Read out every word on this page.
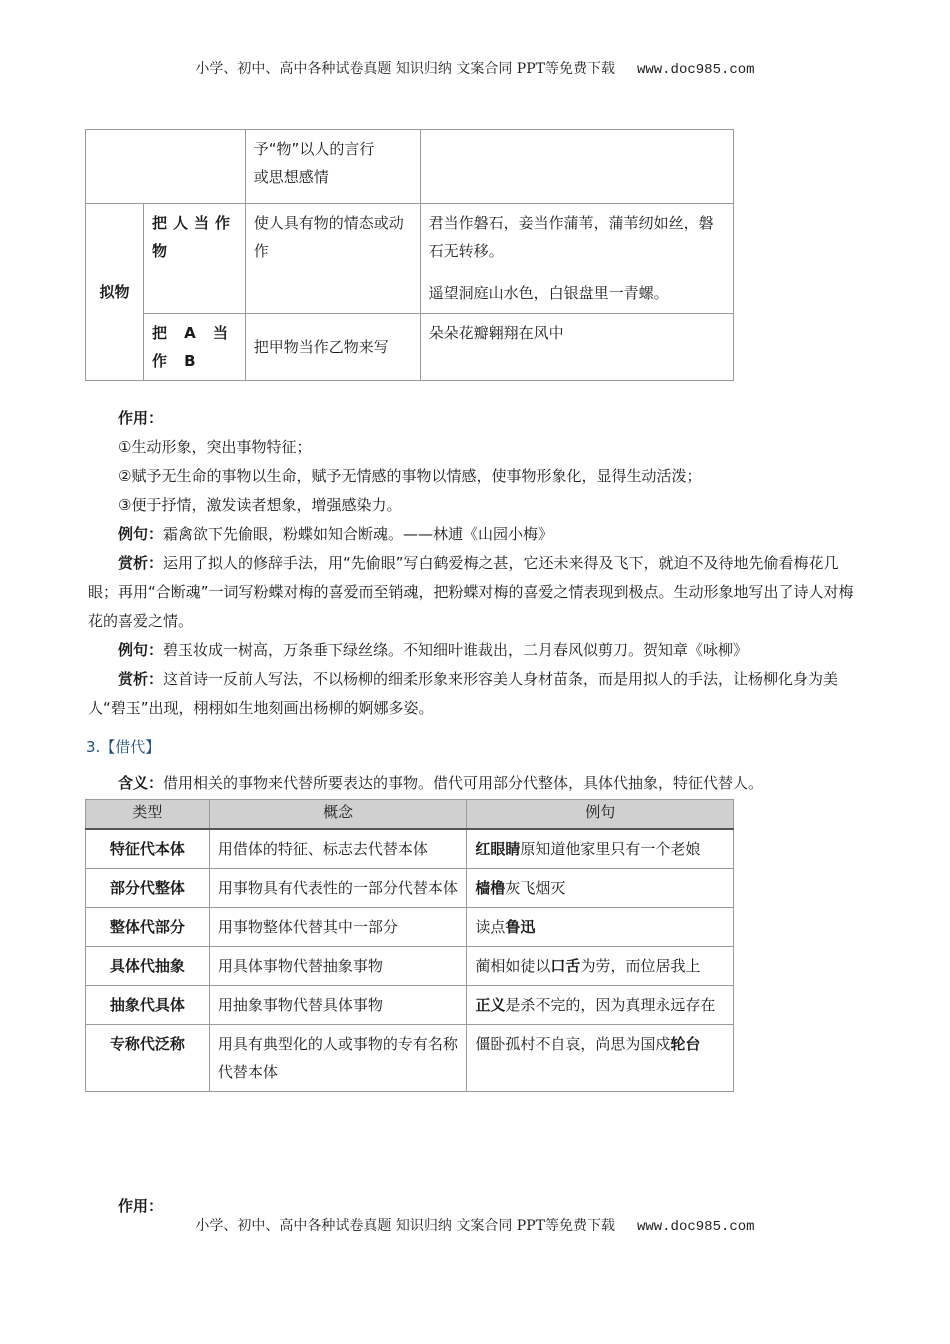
小学、初中、高中各种试卷真题 知识归纳 文案合同 PPT等免费下载 www.doc985.com

		予“物”以人的言行
或思想感情	

拟物	把人当作物	使人具有物的情态或动作	君当作磐石，妾当作蒲苇，蒲苇纫如丝，磐石无转移。
遥望洞庭山水色，白银盘里一青螺。

	把 A 当作 B	把甲物当作乙物来写	朵朵花瓣翱翔在风中

作用：

①生动形象，突出事物特征；

②赋予无生命的事物以生命，赋予无情感的事物以情感，使事物形象化，显得生动活泼；

③便于抒情，激发读者想象，增强感染力。

例句：霜禽欲下先偷眼，粉蝶如知合断魂。——林逋《山园小梅》

赏析：运用了拟人的修辞手法，用“先偷眼”写白鹤爱梅之甚，它还未来得及飞下，就迫不及待地先偷看梅花几眼；再用“合断魂”一词写粉蝶对梅的喜爱而至销魂，把粉蝶对梅的喜爱之情表现到极点。生动形象地写出了诗人对梅花的喜爱之情。

例句：碧玉妆成一树高，万条垂下绿丝绦。不知细叶谁裁出，二月春风似剪刀。贺知章《咏柳》

赏析：这首诗一反前人写法，不以杨柳的细柔形象来形容美人身材苗条，而是用拟人的手法，让杨柳化身为美人“碧玉”出现，栩栩如生地刻画出杨柳的婀娜多姿。

3.【借代】

含义：借用相关的事物来代替所要表达的事物。借代可用部分代整体，具体代抽象，特征代替人。

类型	概念	例句
特征代本体	用借体的特征、标志去代替本体	红眼睛原知道他家里只有一个老娘
部分代整体	用事物具有代表性的一部分代替本体	樯橹灰飞烟灭
整体代部分	用事物整体代替其中一部分	读点鲁迅
具体代抽象	用具体事物代替抽象事物	蔺相如徒以口舌为劳，而位居我上
抽象代具体	用抽象事物代替具体事物	正义是杀不完的，因为真理永远存在
专称代泛称	用具有典型化的人或事物的专有名称代替本体	僵卧孤村不自哀，尚思为国戍轮台

作用：

小学、初中、高中各种试卷真题 知识归纳 文案合同 PPT等免费下载 www.doc985.com
